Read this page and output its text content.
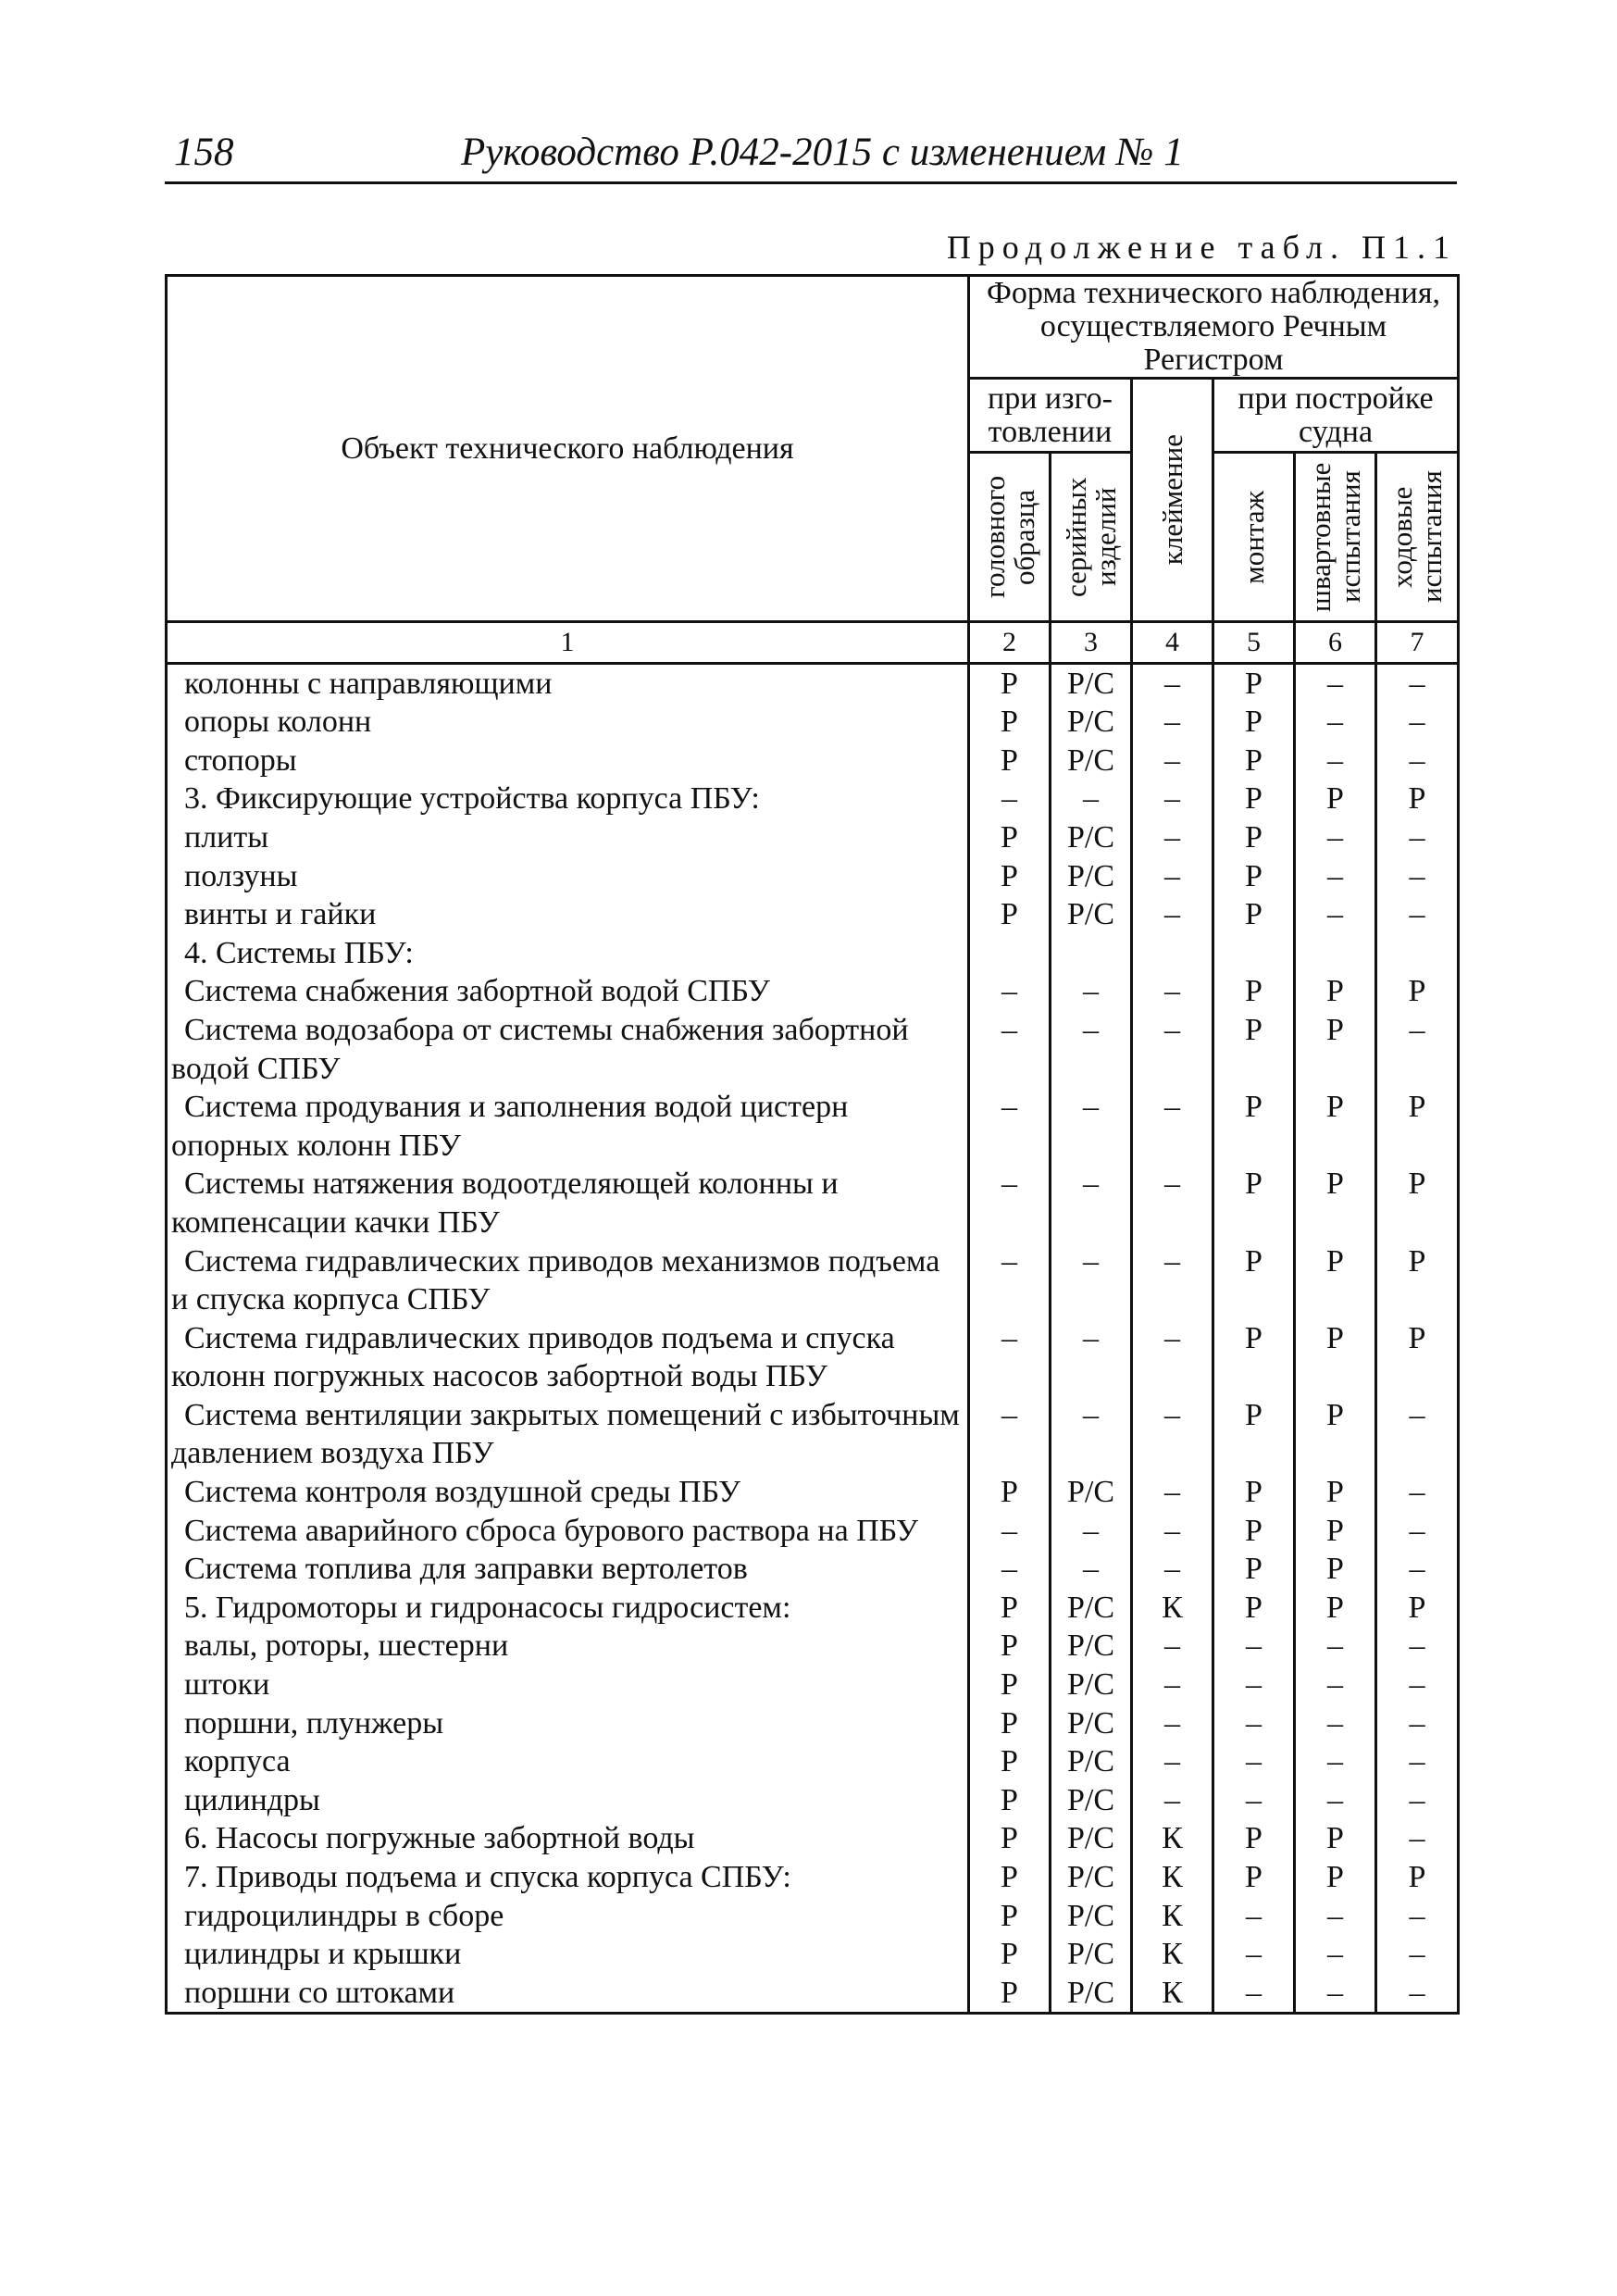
158	Руководство Р.042-2015 с изменением № 1
Продолжение табл. П1.1
Объект технического наблюдения	Форма технического наблюдения, осуществляемого Речным Регистром					
	при изго-товлении		клеймение	при постройке судна		

	головного образца	серийных изделий		монтаж	швартовные испытания	ходовые испытания

1	2	3	4	5	6	7

колонны с направляющими	Р	Р/С	–	Р	–	–

опоры колонн	Р	Р/С	–	Р	–	–

стопоры	Р	Р/С	–	Р	–	–

3. Фиксирующие устройства корпуса ПБУ:	–	–	–	Р	Р	Р

плиты	Р	Р/С	–	Р	–	–

ползуны	Р	Р/С	–	Р	–	–

винты и гайки	Р	Р/С	–	Р	–	–

4. Системы ПБУ:						

Система снабжения забортной водой СПБУ	–	–	–	Р	Р	Р

Система водозабора от системы снабжения забортной водой СПБУ	–	–	–	Р	Р	–

Система продувания и заполнения водой цистерн опорных колонн ПБУ	–	–	–	Р	Р	Р

Системы натяжения водоотделяющей колонны и компенсации качки ПБУ	–	–	–	Р	Р	Р

Система гидравлических приводов механизмов подъема и спуска корпуса СПБУ	–	–	–	Р	Р	Р

Система гидравлических приводов подъема и спуска колонн погружных насосов забортной воды ПБУ	–	–	–	Р	Р	Р

Система вентиляции закрытых помещений с избыточным давлением воздуха ПБУ	–	–	–	Р	Р	–

Система контроля воздушной среды ПБУ	Р	Р/С	–	Р	Р	–

Система аварийного сброса бурового раствора на ПБУ	–	–	–	Р	Р	–

Система топлива для заправки вертолетов	–	–	–	Р	Р	–

5. Гидромоторы и гидронасосы гидросистем:	Р	Р/С	К	Р	Р	Р

валы, роторы, шестерни	Р	Р/С	–	–	–	–

штоки	Р	Р/С	–	–	–	–

поршни, плунжеры	Р	Р/С	–	–	–	–

корпуса	Р	Р/С	–	–	–	–

цилиндры	Р	Р/С	–	–	–	–

6. Насосы погружные забортной воды	Р	Р/С	К	Р	Р	–

7. Приводы подъема и спуска корпуса СПБУ:	Р	Р/С	К	Р	Р	Р

гидроцилиндры в сборе	Р	Р/С	К	–	–	–

цилиндры и крышки	Р	Р/С	К	–	–	–

поршни со штоками	Р	Р/С	К	–	–	–
